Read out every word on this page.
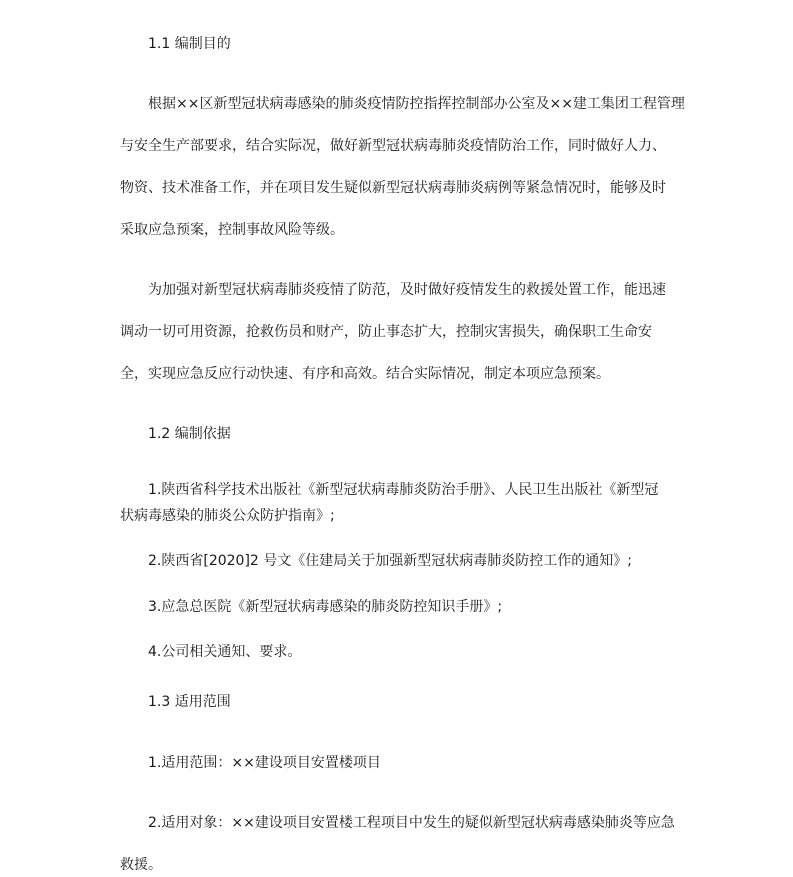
1.1 编制目的

根据××区新型冠状病毒感染的肺炎疫情防控指挥控制部办公室及××建工集团工程管理

与安全生产部要求，结合实际况，做好新型冠状病毒肺炎疫情防治工作，同时做好人力、

物资、技术准备工作，并在项目发生疑似新型冠状病毒肺炎病例等紧急情况时，能够及时

采取应急预案，控制事故风险等级。

为加强对新型冠状病毒肺炎疫情了防范，及时做好疫情发生的救援处置工作，能迅速

调动一切可用资源，抢救伤员和财产，防止事态扩大，控制灾害损失，确保职工生命安

全，实现应急反应行动快速、有序和高效。结合实际情况，制定本项应急预案。

1.2 编制依据

1.陕西省科学技术出版社《新型冠状病毒肺炎防治手册》、人民卫生出版社《新型冠

状病毒感染的肺炎公众防护指南》;

2.陕西省[2020]2 号文《住建局关于加强新型冠状病毒肺炎防控工作的通知》;

3.应急总医院《新型冠状病毒感染的肺炎防控知识手册》;

4.公司相关通知、要求。

1.3 适用范围

1.适用范围：××建设项目安置楼项目

2.适用对象：××建设项目安置楼工程项目中发生的疑似新型冠状病毒感染肺炎等应急

救援。
